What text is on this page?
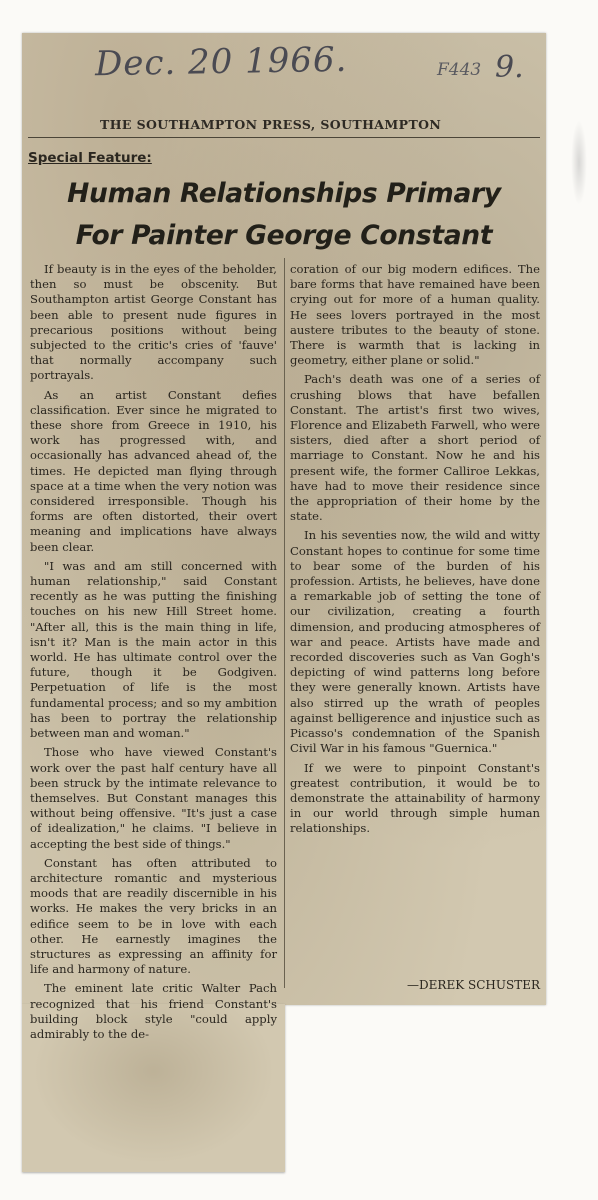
Dec. 20 1966.	F443 9.
THE SOUTHAMPTON PRESS, SOUTHAMPTON
Special Feature:
Human Relationships Primary
For Painter George Constant

If beauty is in the eyes of the beholder, then so must be obscenity. But Southampton artist George Constant has been able to present nude figures in precarious positions without being subjected to the critic's cries of 'fauve' that normally accompany such portrayals.

As an artist Constant defies classification. Ever since he migrated to these shore from Greece in 1910, his work has progressed with, and occasionally has advanced ahead of, the times. He depicted man flying through space at a time when the very notion was considered irresponsible. Though his forms are often distorted, their overt meaning and implications have always been clear.

"I was and am still concerned with human relationship," said Constant recently as he was putting the finishing touches on his new Hill Street home. "After all, this is the main thing in life, isn't it? Man is the main actor in this world. He has ultimate control over the future, though it be Godgiven. Perpetuation of life is the most fundamental process; and so my ambition has been to portray the relationship between man and woman."

Those who have viewed Constant's work over the past half century have all been struck by the intimate relevance to themselves. But Constant manages this without being offensive. "It's just a case of idealization," he claims. "I believe in accepting the best side of things."

Constant has often attributed to architecture romantic and mysterious moods that are readily discernible in his works. He makes the very bricks in an edifice seem to be in love with each other. He earnestly imagines the structures as expressing an affinity for life and harmony of nature.

The eminent late critic Walter Pach recognized that his friend Constant's building block style "could apply admirably to the de-

coration of our big modern edifices. The bare forms that have remained have been crying out for more of a human quality. He sees lovers portrayed in the most austere tributes to the beauty of stone. There is warmth that is lacking in geometry, either plane or solid."

Pach's death was one of a series of crushing blows that have befallen Constant. The artist's first two wives, Florence and Elizabeth Farwell, who were sisters, died after a short period of marriage to Constant. Now he and his present wife, the former Calliroe Lekkas, have had to move their residence since the appropriation of their home by the state.

In his seventies now, the wild and witty Constant hopes to continue for some time to bear some of the burden of his profession. Artists, he believes, have done a remarkable job of setting the tone of our civilization, creating a fourth dimension, and producing atmospheres of war and peace. Artists have made and recorded discoveries such as Van Gogh's depicting of wind patterns long before they were generally known. Artists have also stirred up the wrath of peoples against belligerence and injustice such as Picasso's condemnation of the Spanish Civil War in his famous "Guernica."

If we were to pinpoint Constant's greatest contribution, it would be to demonstrate the attainability of harmony in our world through simple human relationships.

—DEREK SCHUSTER
